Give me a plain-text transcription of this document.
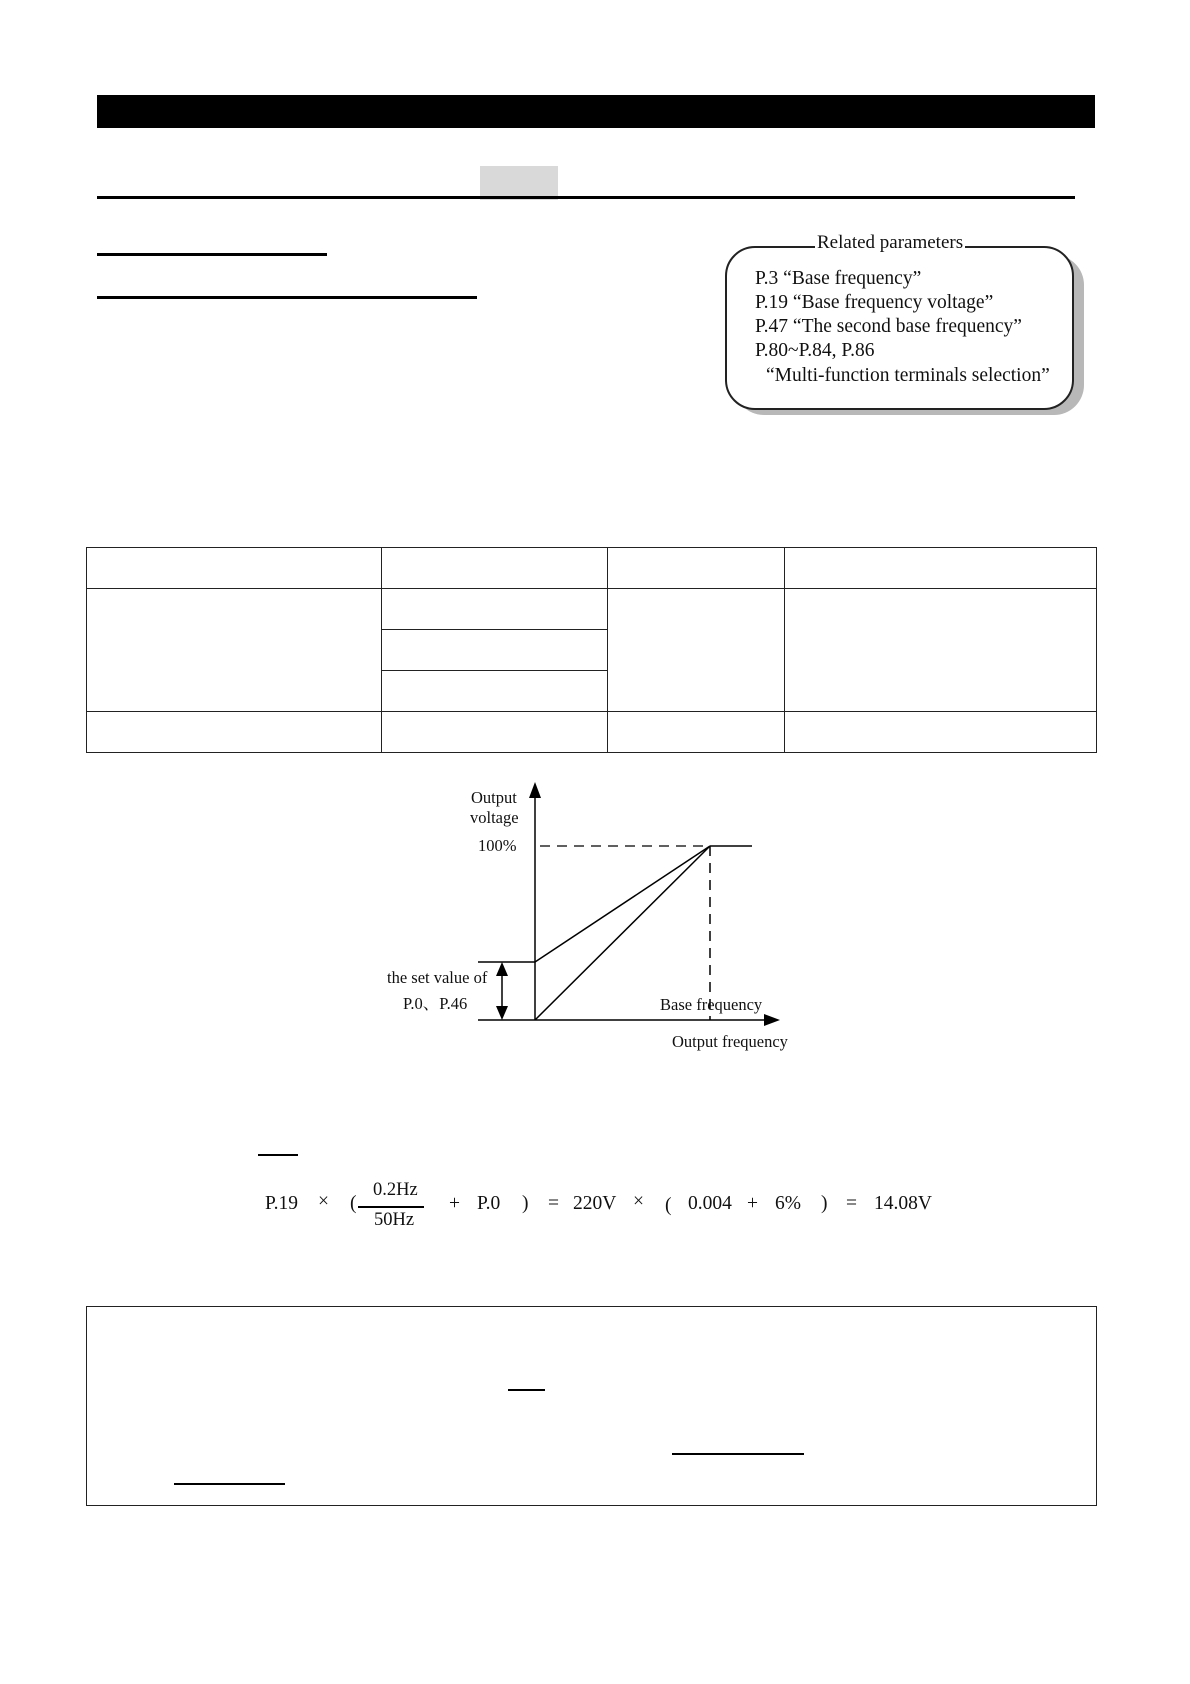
Related parameters
P.3 “Base frequency”
P.19 “Base frequency voltage”
P.47 “The second base frequency”
P.80~P.84, P.86
“Multi-function terminals selection”

Output
voltage
100%
the set value of
P.0、P.46	Base frequency
Output frequency
P.19 × (
0.2Hz
50Hz
+ P.0 ) = 220V × ( 0.004 + 6% ) = 14.08V
